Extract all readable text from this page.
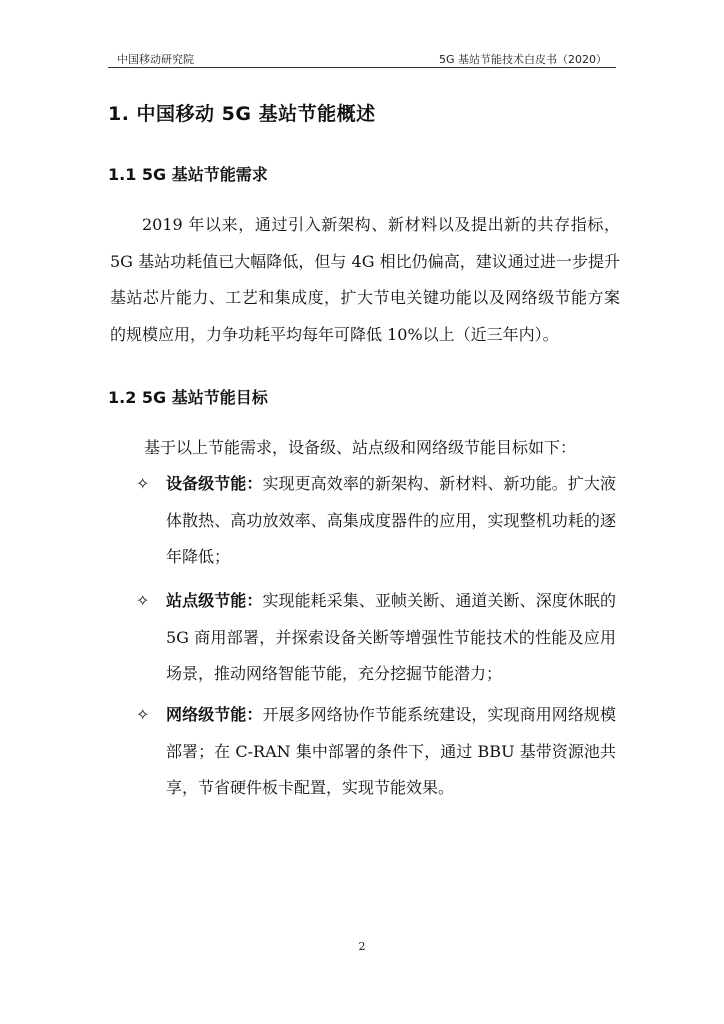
中国移动研究院	5G 基站节能技术白皮书（2020）
1. 中国移动 5G 基站节能概述
1.1 5G 基站节能需求

2019 年以来，通过引入新架构、新材料以及提出新的共存指标，5G 基站功耗值已大幅降低，但与 4G 相比仍偏高，建议通过进一步提升基站芯片能力、工艺和集成度，扩大节电关键功能以及网络级节能方案的规模应用，力争功耗平均每年可降低 10%以上（近三年内）。

1.2 5G 基站节能目标

基于以上节能需求，设备级、站点级和网络级节能目标如下：

✧ 设备级节能：实现更高效率的新架构、新材料、新功能。扩大液体散热、高功放效率、高集成度器件的应用，实现整机功耗的逐年降低；

✧ 站点级节能：实现能耗采集、亚帧关断、通道关断、深度休眠的 5G 商用部署，并探索设备关断等增强性节能技术的性能及应用场景，推动网络智能节能，充分挖掘节能潜力；

✧ 网络级节能：开展多网络协作节能系统建设，实现商用网络规模部署；在 C-RAN 集中部署的条件下，通过 BBU 基带资源池共享，节省硬件板卡配置，实现节能效果。

2
